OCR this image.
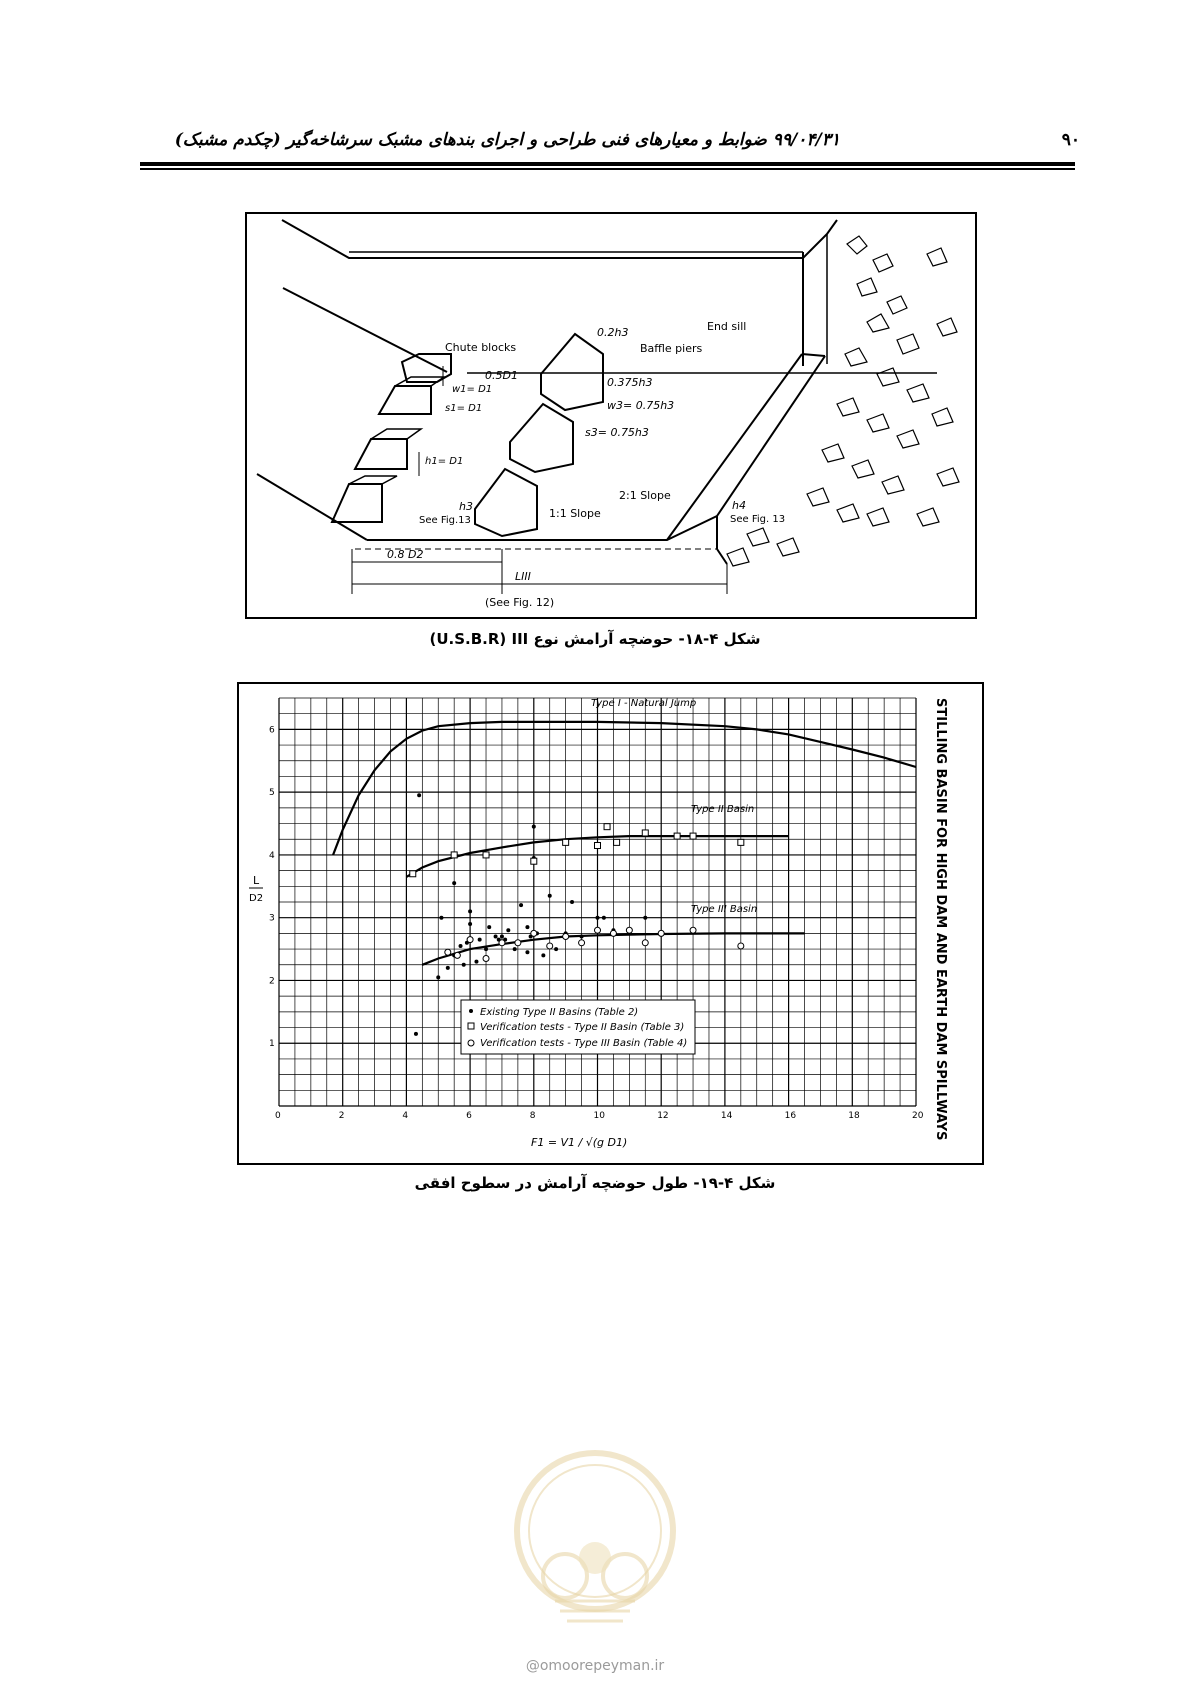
۹۹/۰۴/۳۱ ضوابط و معیارهای فنی طراحی و اجرای بندهای مشبک سرشاخه‌گیر (چکدم مشبک)	۹۰
Chute blocks	Baffle piers
End sill
0.2h3
0.5D1
0.375h3
w1= D1
s1= D1	w3= 0.75h3
s3= 0.75h3
h1= D1
2:1 Slope
1:1 Slope
h3
See Fig.13
h4
See Fig. 13
0.8 D2
LIII
(See Fig. 12)
شکل ۴-۱۸- حوضچه آرامش نوع U.S.B.R) III)
0	2	4	6	8	10	12	14	16	18	20
1
2
3
4
5
6
Existing Type II Basins (Table 2)
Verification tests - Type II Basin (Table 3)
Verification tests - Type III Basin (Table 4)	STILLING BASIN FOR HIGH DAM AND EARTH DAM SPILLWAYS
L
D2
F1 = V1 / √(g D1)
Type I - Natural Jump
Type II Basin
Type III Basin
شکل ۴-۱۹- طول حوضچه آرامش در سطوح افقی
@omoorepeyman.ir
